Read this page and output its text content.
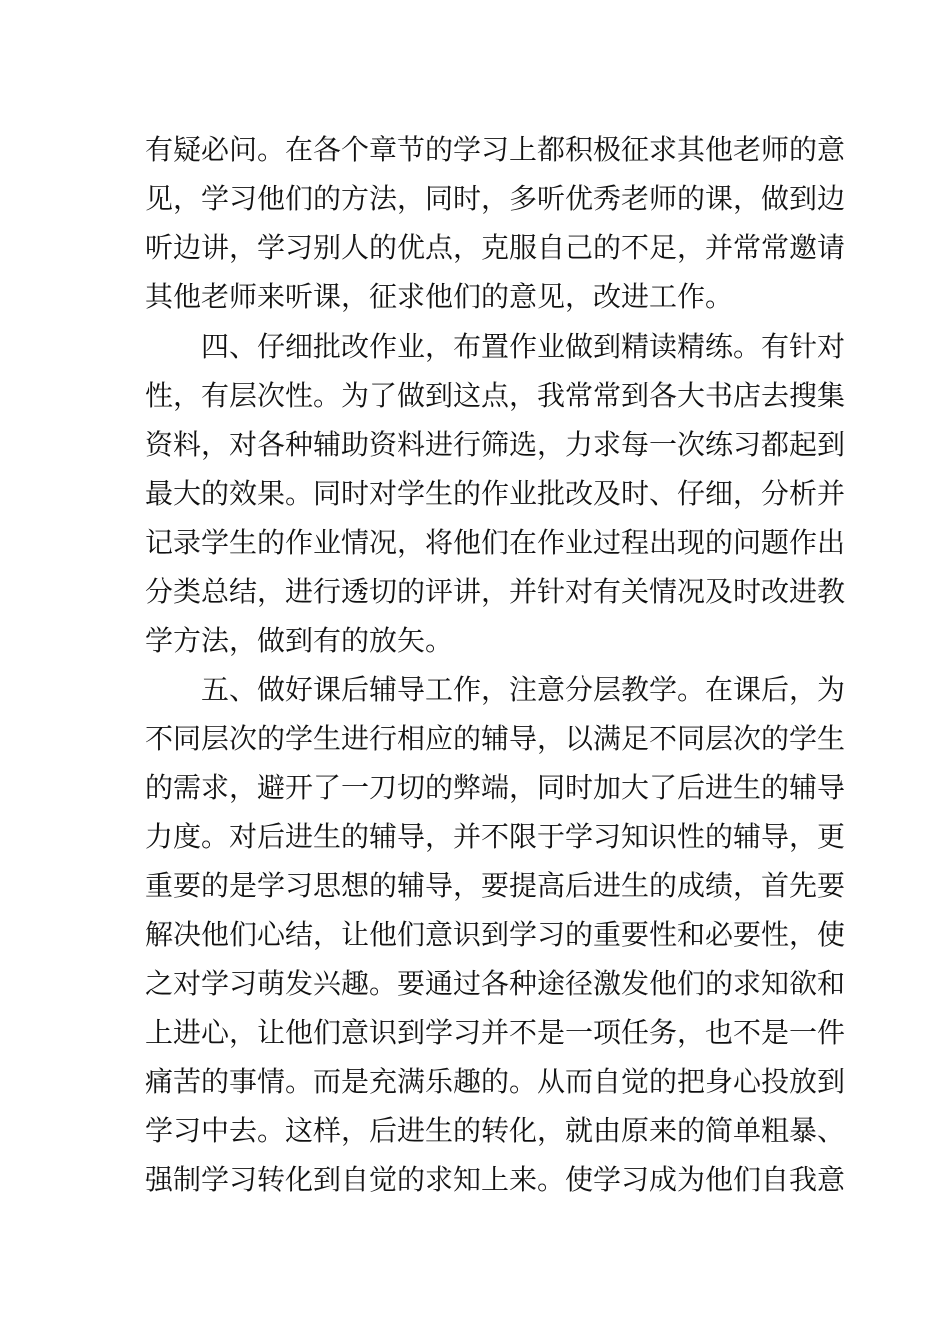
有疑必问。在各个章节的学习上都积极征求其他老师的意
见，学习他们的方法，同时，多听优秀老师的课，做到边
听边讲，学习别人的优点，克服自己的不足，并常常邀请
其他老师来听课，征求他们的意见，改进工作。
四、仔细批改作业，布置作业做到精读精练。有针对
性，有层次性。为了做到这点，我常常到各大书店去搜集
资料，对各种辅助资料进行筛选，力求每一次练习都起到
最大的效果。同时对学生的作业批改及时、仔细，分析并
记录学生的作业情况，将他们在作业过程出现的问题作出
分类总结，进行透切的评讲，并针对有关情况及时改进教
学方法，做到有的放矢。
五、做好课后辅导工作，注意分层教学。在课后，为
不同层次的学生进行相应的辅导，以满足不同层次的学生
的需求，避开了一刀切的弊端，同时加大了后进生的辅导
力度。对后进生的辅导，并不限于学习知识性的辅导，更
重要的是学习思想的辅导，要提高后进生的成绩，首先要
解决他们心结，让他们意识到学习的重要性和必要性，使
之对学习萌发兴趣。要通过各种途径激发他们的求知欲和
上进心，让他们意识到学习并不是一项任务，也不是一件
痛苦的事情。而是充满乐趣的。从而自觉的把身心投放到
学习中去。这样，后进生的转化，就由原来的简单粗暴、
强制学习转化到自觉的求知上来。使学习成为他们自我意
